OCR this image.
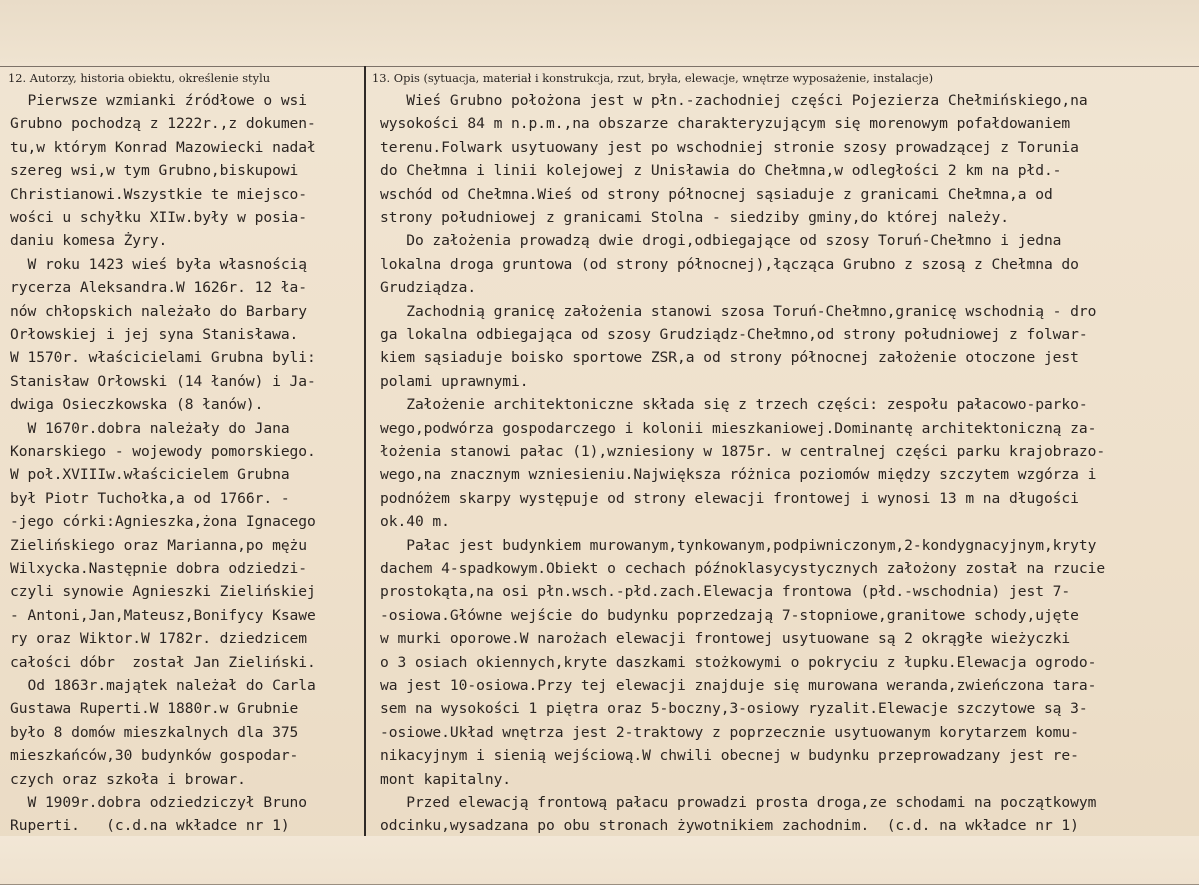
12. Autorzy, historia obiektu, określenie stylu	13. Opis (sytuacja, materiał i konstrukcja, rzut, bryła, elewacje, wnętrze wyposażenie, instalacje)
Pierwsze wzmianki źródłowe o wsi
Grubno pochodzą z 1222r.,z dokumen-
tu,w którym Konrad Mazowiecki nadał
szereg wsi,w tym Grubno,biskupowi
Christianowi.Wszystkie te miejsco-
wości u schyłku XIIw.były w posia-
daniu komesa Żyry.
W roku 1423 wieś była własnością
rycerza Aleksandra.W 1626r. 12 ła-
nów chłopskich należało do Barbary
Orłowskiej i jej syna Stanisława.
W 1570r. właścicielami Grubna byli:
Stanisław Orłowski (14 łanów) i Ja-
dwiga Osieczkowska (8 łanów).
W 1670r.dobra należały do Jana
Konarskiego - wojewody pomorskiego.
W poł.XVIIIw.właścicielem Grubna
był Piotr Tuchołka,a od 1766r. -
-jego córki:Agnieszka,żona Ignacego
Zielińskiego oraz Marianna,po mężu
Wilxycka.Następnie dobra odziedzi-
czyli synowie Agnieszki Zielińskiej
- Antoni,Jan,Mateusz,Bonifycy Ksawe
ry oraz Wiktor.W 1782r. dziedzicem
całości dóbr  został Jan Zieliński.
Od 1863r.majątek należał do Carla
Gustawa Ruperti.W 1880r.w Grubnie
było 8 domów mieszkalnych dla 375
mieszkańców,30 budynków gospodar-
czych oraz szkoła i browar.
W 1909r.dobra odziedziczył Bruno
Ruperti.   (c.d.na wkładce nr 1)
Wieś Grubno położona jest w płn.-zachodniej części Pojezierza Chełmińskiego,na
wysokości 84 m n.p.m.,na obszarze charakteryzującym się morenowym pofałdowaniem
terenu.Folwark usytuowany jest po wschodniej stronie szosy prowadzącej z Torunia
do Chełmna i linii kolejowej z Unisławia do Chełmna,w odległości 2 km na płd.-
wschód od Chełmna.Wieś od strony północnej sąsiaduje z granicami Chełmna,a od
strony południowej z granicami Stolna - siedziby gminy,do której należy.
Do założenia prowadzą dwie drogi,odbiegające od szosy Toruń-Chełmno i jedna
lokalna droga gruntowa (od strony północnej),łącząca Grubno z szosą z Chełmna do
Grudziądza.
Zachodnią granicę założenia stanowi szosa Toruń-Chełmno,granicę wschodnią - dro
ga lokalna odbiegająca od szosy Grudziądz-Chełmno,od strony południowej z folwar-
kiem sąsiaduje boisko sportowe ZSR,a od strony północnej założenie otoczone jest
polami uprawnymi.
Założenie architektoniczne składa się z trzech części: zespołu pałacowo-parko-
wego,podwórza gospodarczego i kolonii mieszkaniowej.Dominantę architektoniczną za-
łożenia stanowi pałac (1),wzniesiony w 1875r. w centralnej części parku krajobrazo-
wego,na znacznym wzniesieniu.Największa różnica poziomów między szczytem wzgórza i
podnóżem skarpy występuje od strony elewacji frontowej i wynosi 13 m na długości
ok.40 m.
Pałac jest budynkiem murowanym,tynkowanym,podpiwniczonym,2-kondygnacyjnym,kryty
dachem 4-spadkowym.Obiekt o cechach późnoklasycystycznych założony został na rzucie
prostokąta,na osi płn.wsch.-płd.zach.Elewacja frontowa (płd.-wschodnia) jest 7-
-osiowa.Główne wejście do budynku poprzedzają 7-stopniowe,granitowe schody,ujęte
w murki oporowe.W narożach elewacji frontowej usytuowane są 2 okrągłe wieżyczki
o 3 osiach okiennych,kryte daszkami stożkowymi o pokryciu z łupku.Elewacja ogrodo-
wa jest 10-osiowa.Przy tej elewacji znajduje się murowana weranda,zwieńczona tara-
sem na wysokości 1 piętra oraz 5-boczny,3-osiowy ryzalit.Elewacje szczytowe są 3-
-osiowe.Układ wnętrza jest 2-traktowy z poprzecznie usytuowanym korytarzem komu-
nikacyjnym i sienią wejściową.W chwili obecnej w budynku przeprowadzany jest re-
mont kapitalny.
Przed elewacją frontową pałacu prowadzi prosta droga,ze schodami na początkowym
odcinku,wysadzana po obu stronach żywotnikiem zachodnim.  (c.d. na wkładce nr 1)
